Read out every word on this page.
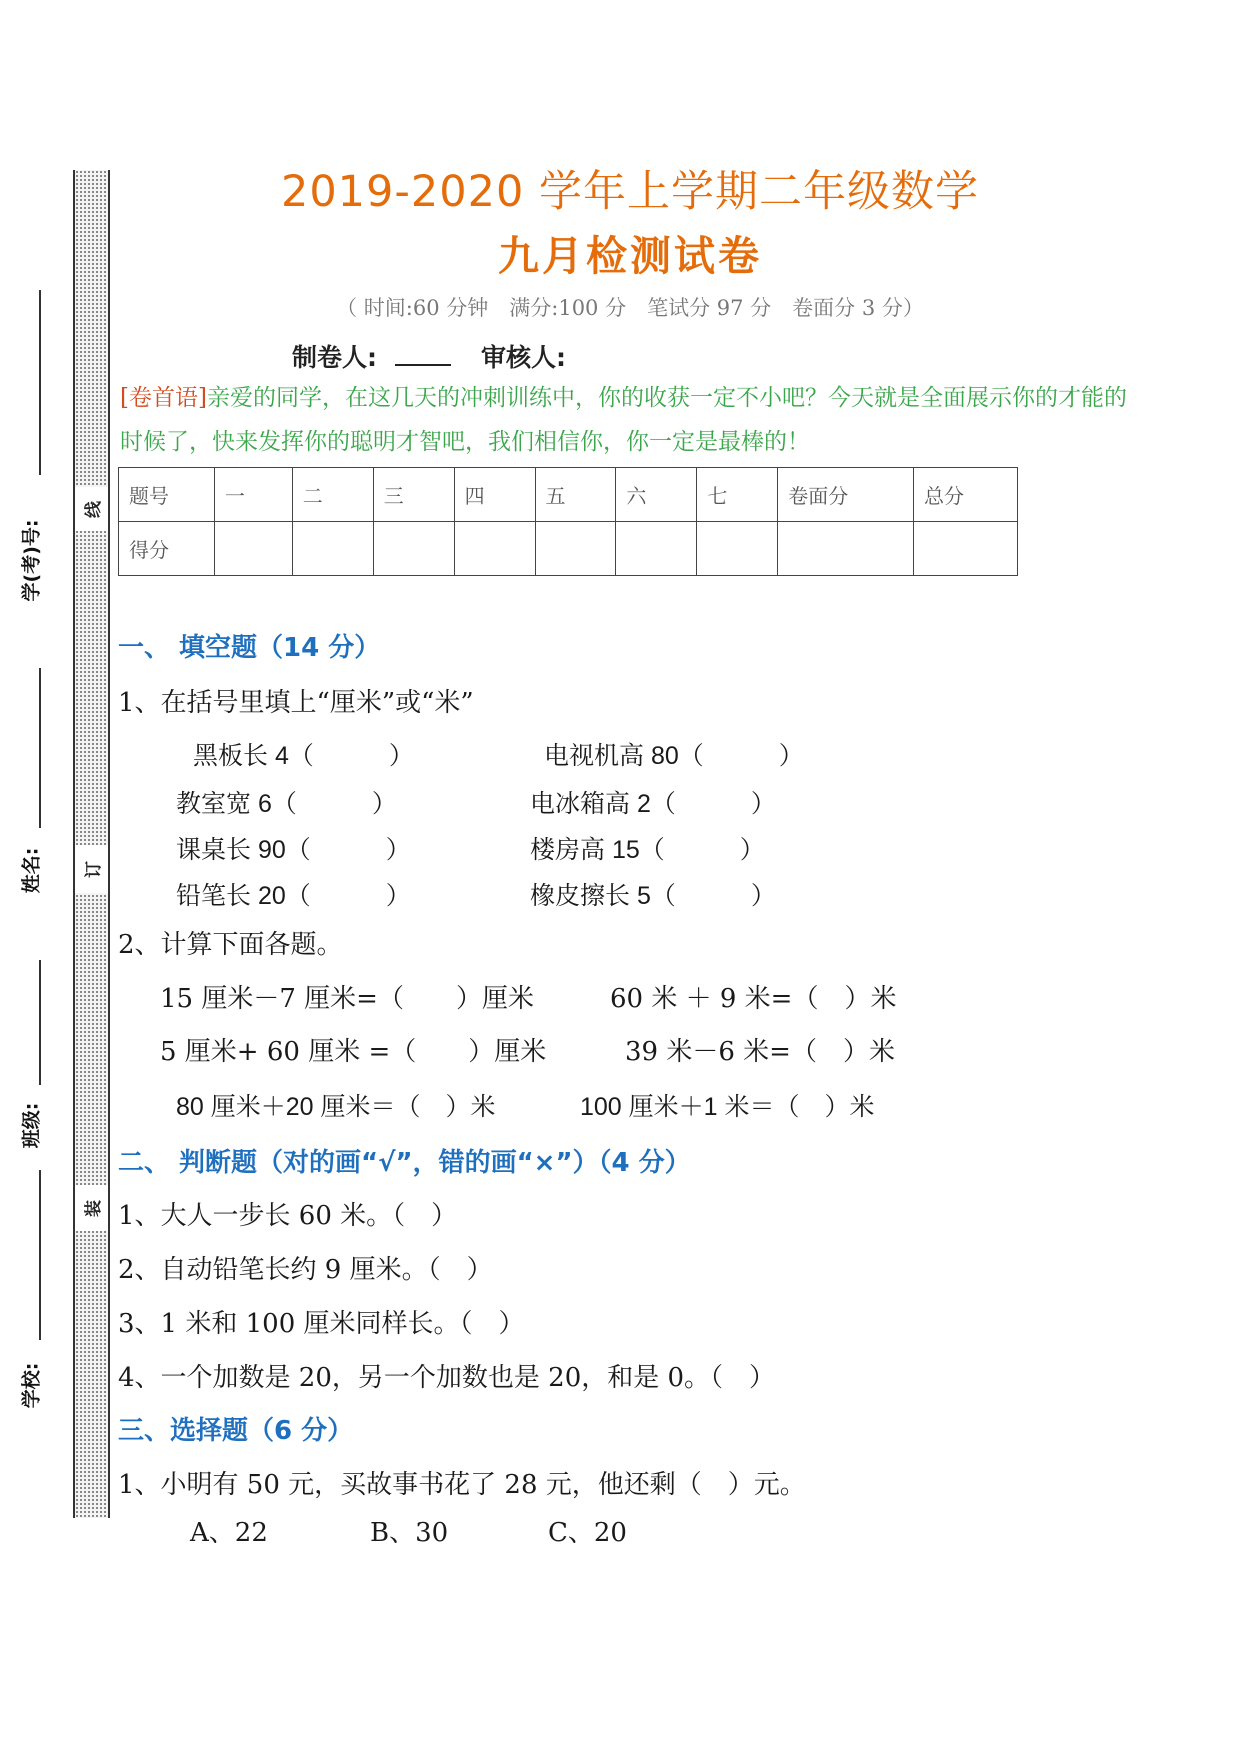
线
订
装
学(考)号:
姓名:
班级:
学校:
2019-2020 学年上学期二年级数学
九月检测试卷
（ 时间:60 分钟　满分:100 分　笔试分 97 分　卷面分 3 分）
制卷人:	审核人:
[卷首语]亲爱的同学，在这几天的冲刺训练中，你的收获一定不小吧？今天就是全面展示你的才能的时候了，快来发挥你的聪明才智吧，我们相信你，你一定是最棒的！
题号	一	二	三	四	五	六	七	卷面分	总分
得分									
一、 填空题（14 分）
1、在括号里填上“厘米”或“米”
黑板长 4（　　　）	电视机高 80（　　　）
教室宽 6（　　　）	电冰箱高 2（　　　）
课桌长 90（　　　）	楼房高 15（　　　）
铅笔长 20（　　　）	橡皮擦长 5（　　　）
2、计算下面各题。
15 厘米－7 厘米=（　　）厘米	60 米 ＋ 9 米=（　）米
5 厘米+ 60 厘米 =（　　）厘米	39 米－6 米=（　）米
80 厘米＋20 厘米＝（　）米	100 厘米＋1 米＝（　）米
二、 判断题（对的画“√”，错的画“×”）（4 分）
1、大人一步长 60 米。（　）
2、自动铅笔长约 9 厘米。（　）
3、1 米和 100 厘米同样长。（　）
4、一个加数是 20，另一个加数也是 20，和是 0。（　）
三、选择题（6 分）
1、小明有 50 元，买故事书花了 28 元，他还剩（　）元。
A、22	B、30	C、20
